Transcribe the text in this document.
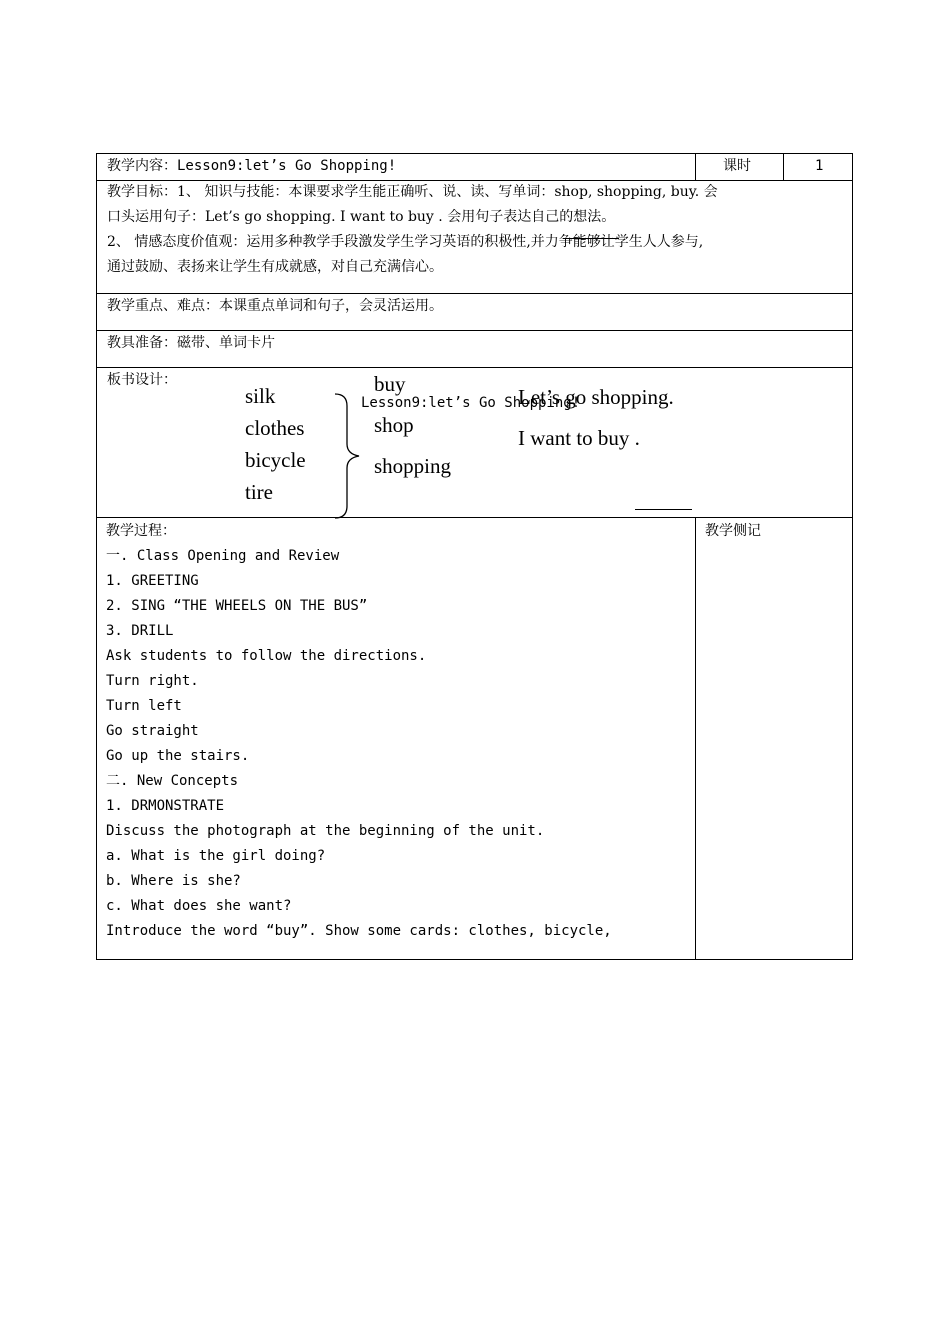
教学内容：Lesson9:let’s Go Shopping!	课时	1
教学目标：1、 知识与技能：本课要求学生能正确听、说、读、写单词：shop, shopping, buy. 会
口头运用句子：Let’s go shopping. I want to buy . 会用句子表达自己的想法。
2、 情感态度价值观：运用多种教学手段激发学生学习英语的积极性,并力争能够让学生人人参与,
通过鼓励、表扬来让学生有成就感，对自己充满信心。
教学重点、难点：本课重点单词和句子，会灵活运用。
教具准备：磁带、单词卡片
板书设计：
silk
clothes
bicycle
tire
buy
shop
shopping
Lesson9:let’s Go Shopping!
Let’s go shopping.
I want to buy .
教学过程：	教学侧记
一. Class Opening and Review
1. GREETING
2. SING “THE WHEELS ON THE BUS”
3. DRILL
Ask students to follow the directions.
Turn right.
Turn left
Go straight
Go up the stairs.
二. New Concepts
1. DRMONSTRATE
Discuss the photograph at the beginning of the unit.
a. What is the girl doing?
b. Where is she?
c. What does she want?
Introduce the word “buy”. Show some cards: clothes, bicycle,
